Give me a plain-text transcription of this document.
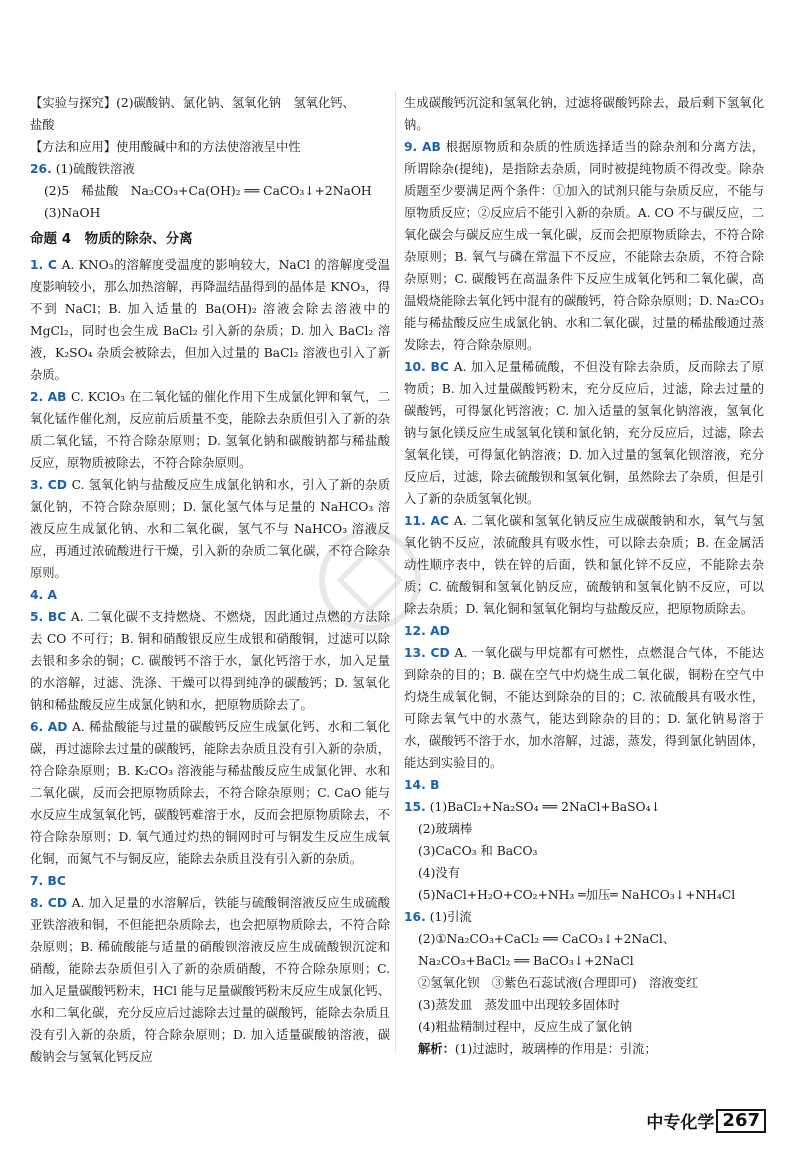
【实验与探究】(2)碳酸钠、氯化钠、氢氧化钠　氢氧化钙、
盐酸
【方法和应用】使用酸碱中和的方法使溶液呈中性
26. (1)硫酸铁溶液
(2)5　稀盐酸　Na₂CO₃+Ca(OH)₂ ══ CaCO₃↓+2NaOH
(3)NaOH
命题 4　物质的除杂、分离
1. C A. KNO₃的溶解度受温度的影响较大，NaCl 的溶解度受温度影响较小，那么加热溶解，再降温结晶得到的晶体是 KNO₃，得不到 NaCl；B. 加入适量的 Ba(OH)₂ 溶液会除去溶液中的 MgCl₂，同时也会生成 BaCl₂ 引入新的杂质；D. 加入 BaCl₂ 溶液，K₂SO₄ 杂质会被除去，但加入过量的 BaCl₂ 溶液也引入了新杂质。
2. AB C. KClO₃ 在二氧化锰的催化作用下生成氯化钾和氧气，二氧化锰作催化剂，反应前后质量不变，能除去杂质但引入了新的杂质二氧化锰，不符合除杂原则；D. 氢氧化钠和碳酸钠都与稀盐酸反应，原物质被除去，不符合除杂原则。
3. CD C. 氢氧化钠与盐酸反应生成氯化钠和水，引入了新的杂质氯化钠，不符合除杂原则；D. 氯化氢气体与足量的 NaHCO₃ 溶液反应生成氯化钠、水和二氧化碳，氢气不与 NaHCO₃ 溶液反应，再通过浓硫酸进行干燥，引入新的杂质二氧化碳，不符合除杂原则。
4. A
5. BC A. 二氧化碳不支持燃烧、不燃烧，因此通过点燃的方法除去 CO 不可行；B. 铜和硝酸银反应生成银和硝酸铜，过滤可以除去银和多余的铜；C. 碳酸钙不溶于水，氯化钙溶于水，加入足量的水溶解，过滤、洗涤、干燥可以得到纯净的碳酸钙；D. 氢氧化钠和稀盐酸反应生成氯化钠和水，把原物质除去了。
6. AD A. 稀盐酸能与过量的碳酸钙反应生成氯化钙、水和二氧化碳，再过滤除去过量的碳酸钙，能除去杂质且没有引入新的杂质，符合除杂原则；B. K₂CO₃ 溶液能与稀盐酸反应生成氯化钾、水和二氧化碳，反而会把原物质除去，不符合除杂原则；C. CaO 能与水反应生成氢氧化钙，碳酸钙难溶于水，反而会把原物质除去，不符合除杂原则；D. 氧气通过灼热的铜网时可与铜发生反应生成氧化铜，而氮气不与铜反应，能除去杂质且没有引入新的杂质。
7. BC
8. CD A. 加入足量的水溶解后，铁能与硫酸铜溶液反应生成硫酸亚铁溶液和铜，不但能把杂质除去，也会把原物质除去，不符合除杂原则；B. 稀硫酸能与适量的硝酸钡溶液反应生成硫酸钡沉淀和硝酸，能除去杂质但引入了新的杂质硝酸，不符合除杂原则；C. 加入足量碳酸钙粉末，HCl 能与足量碳酸钙粉末反应生成氯化钙、水和二氧化碳，充分反应后过滤除去过量的碳酸钙，能除去杂质且没有引入新的杂质，符合除杂原则；D. 加入适量碳酸钠溶液，碳酸钠会与氢氧化钙反应
生成碳酸钙沉淀和氢氧化钠，过滤将碳酸钙除去，最后剩下氢氧化钠。
9. AB 根据原物质和杂质的性质选择适当的除杂剂和分离方法，所谓除杂(提纯)，是指除去杂质，同时被提纯物质不得改变。除杂质题至少要满足两个条件：①加入的试剂只能与杂质反应，不能与原物质反应；②反应后不能引入新的杂质。A. CO 不与碳反应，二氧化碳会与碳反应生成一氧化碳，反而会把原物质除去，不符合除杂原则；B. 氧气与磷在常温下不反应，不能除去杂质，不符合除杂原则；C. 碳酸钙在高温条件下反应生成氧化钙和二氧化碳，高温煅烧能除去氧化钙中混有的碳酸钙，符合除杂原则；D. Na₂CO₃ 能与稀盐酸反应生成氯化钠、水和二氧化碳，过量的稀盐酸通过蒸发除去，符合除杂原则。
10. BC A. 加入足量稀硫酸，不但没有除去杂质，反而除去了原物质；B. 加入过量碳酸钙粉末，充分反应后，过滤，除去过量的碳酸钙，可得氯化钙溶液；C. 加入适量的氢氧化钠溶液，氢氧化钠与氯化镁反应生成氢氧化镁和氯化钠，充分反应后，过滤，除去氢氧化镁，可得氯化钠溶液；D. 加入过量的氢氧化钡溶液，充分反应后，过滤，除去硫酸钡和氢氧化铜，虽然除去了杂质，但是引入了新的杂质氢氧化钡。
11. AC A. 二氧化碳和氢氧化钠反应生成碳酸钠和水，氧气与氢氧化钠不反应，浓硫酸具有吸水性，可以除去杂质；B. 在金属活动性顺序表中，铁在锌的后面，铁和氯化锌不反应，不能除去杂质；C. 硫酸铜和氢氧化钠反应，硫酸钠和氢氧化钠不反应，可以除去杂质；D. 氧化铜和氢氧化铜均与盐酸反应，把原物质除去。
12. AD
13. CD A. 一氧化碳与甲烷都有可燃性，点燃混合气体，不能达到除杂的目的；B. 碳在空气中灼烧生成二氧化碳，铜粉在空气中灼烧生成氧化铜，不能达到除杂的目的；C. 浓硫酸具有吸水性，可除去氧气中的水蒸气，能达到除杂的目的；D. 氯化钠易溶于水，碳酸钙不溶于水，加水溶解，过滤，蒸发，得到氯化钠固体，能达到实验目的。
14. B
15. (1)BaCl₂+Na₂SO₄ ══ 2NaCl+BaSO₄↓
(2)玻璃棒
(3)CaCO₃ 和 BaCO₃
(4)没有
(5)NaCl+H₂O+CO₂+NH₃ ═加压═ NaHCO₃↓+NH₄Cl
16. (1)引流
(2)①Na₂CO₃+CaCl₂ ══ CaCO₃↓+2NaCl、
Na₂CO₃+BaCl₂ ══ BaCO₃↓+2NaCl
②氢氧化钡　③紫色石蕊试液(合理即可)　溶液变红
(3)蒸发皿　蒸发皿中出现较多固体时
(4)粗盐精制过程中，反应生成了氯化钠
解析：(1)过滤时，玻璃棒的作用是：引流；
中专化学 267
